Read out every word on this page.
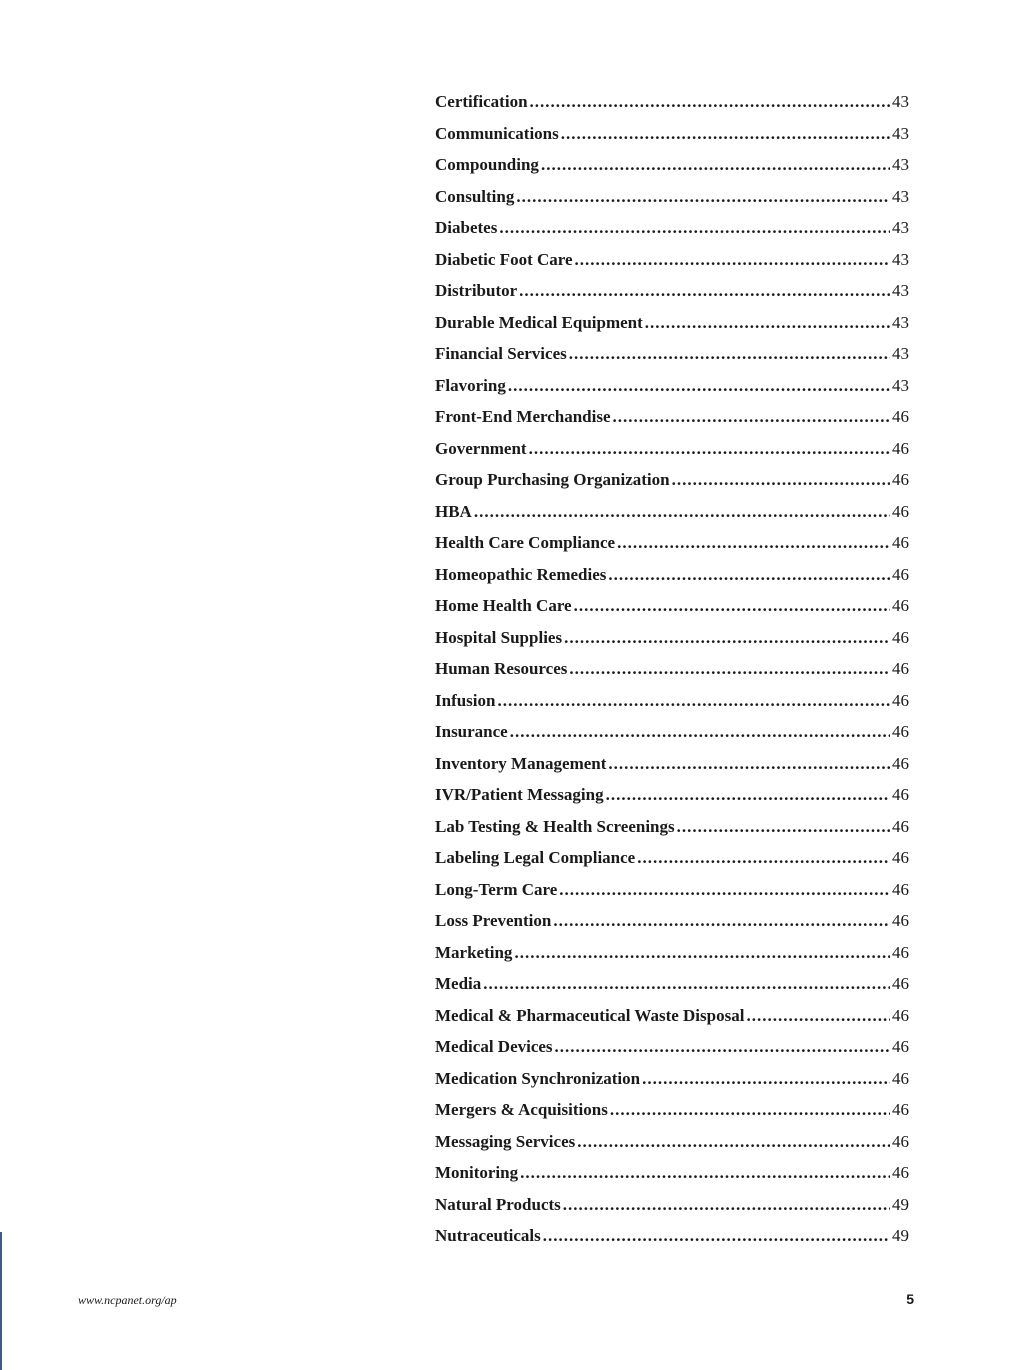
Certification .....	43
Communications .....	43
Compounding .....	43
Consulting .....	43
Diabetes .....	43
Diabetic Foot Care .....	43
Distributor .....	43
Durable Medical Equipment .....	43
Financial Services .....	43
Flavoring .....	43
Front-End Merchandise .....	46
Government .....	46
Group Purchasing Organization .....	46
HBA .....	46
Health Care Compliance .....	46
Homeopathic Remedies .....	46
Home Health Care .....	46
Hospital Supplies .....	46
Human Resources .....	46
Infusion .....	46
Insurance .....	46
Inventory Management .....	46
IVR/Patient Messaging .....	46
Lab Testing & Health Screenings .....	46
Labeling Legal Compliance .....	46
Long-Term Care .....	46
Loss Prevention .....	46
Marketing .....	46
Media .....	46
Medical & Pharmaceutical Waste Disposal .....	46
Medical Devices .....	46
Medication Synchronization .....	46
Mergers & Acquisitions .....	46
Messaging Services .....	46
Monitoring .....	46
Natural Products .....	49
Nutraceuticals .....	49
www.ncpanet.org/ap	5
